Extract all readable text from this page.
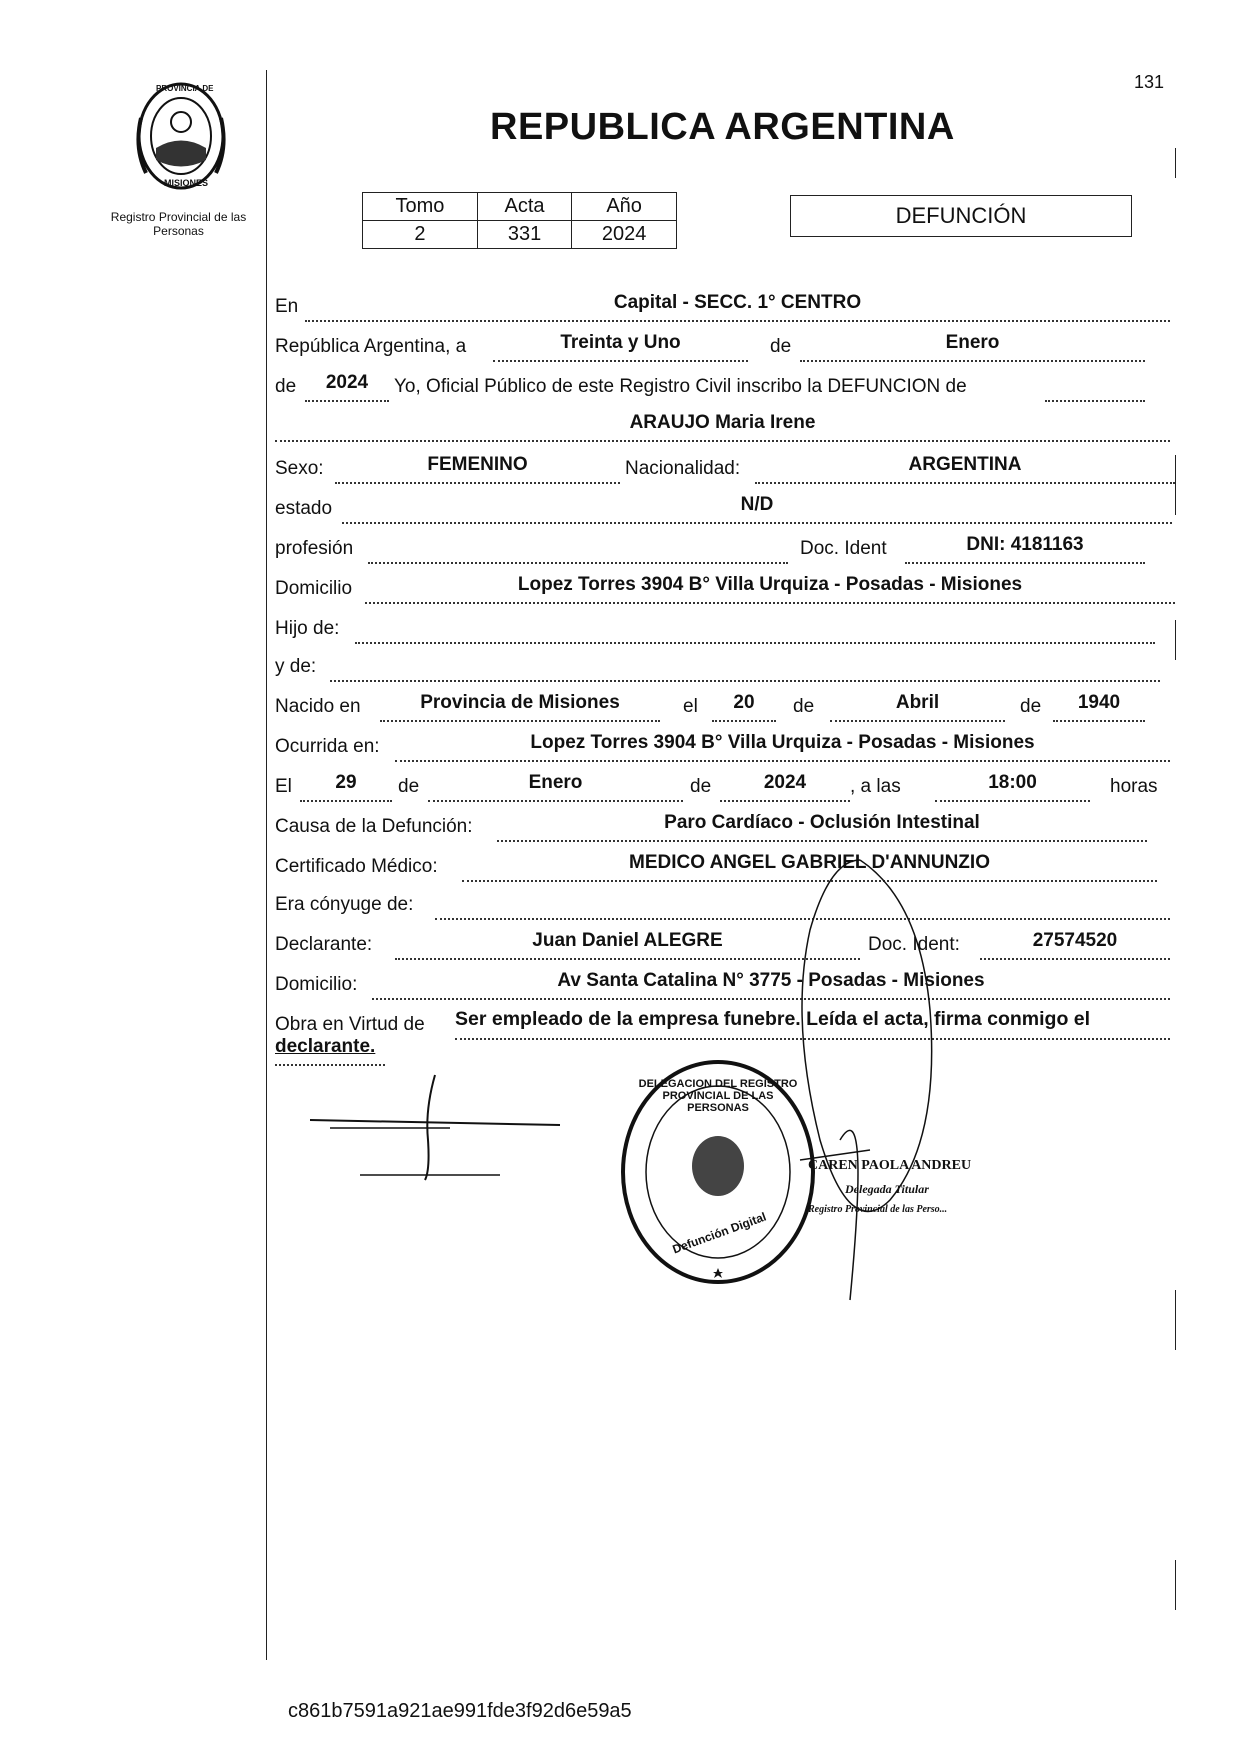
131
PROVINCIA DE
MISIONES
Registro Provincial de las Personas
REPUBLICA ARGENTINA
Tomo	Acta	Año
2	331	2024
DEFUNCIÓN
En	Capital - SECC. 1° CENTRO
República Argentina, a	Treinta y Uno	de	Enero
de	2024	Yo, Oficial Público de este Registro Civil inscribo la DEFUNCION de
ARAUJO Maria Irene
Sexo:	FEMENINO	Nacionalidad:	ARGENTINA
estado	N/D
profesión	Doc. Ident	DNI: 4181163
Domicilio	Lopez Torres 3904 B° Villa Urquiza - Posadas - Misiones
Hijo de:
y de:
Nacido en	Provincia de Misiones	el	20	de	Abril	de	1940
Ocurrida en:	Lopez Torres 3904 B° Villa Urquiza - Posadas - Misiones
El	29	de	Enero	de	2024	, a las	18:00	horas
Causa de la Defunción:	Paro Cardíaco - Oclusión Intestinal
Certificado Médico:	MEDICO ANGEL GABRIEL D'ANNUNZIO
Era cónyuge de:
Declarante:	Juan Daniel ALEGRE	Doc. Ident:	27574520
Domicilio:	Av Santa Catalina N° 3775 - Posadas - Misiones
Obra en Virtud de Ser empleado de la empresa funebre. Leída el acta, firma conmigo el
declarante.
DELEGACION DEL REGISTRO PROVINCIAL DE LAS PERSONAS
Defunción Digital
CAREN PAOLA ANDREU
Delegada Titular
Registro Provincial de las Perso...
c861b7591a921ae991fde3f92d6e59a5
